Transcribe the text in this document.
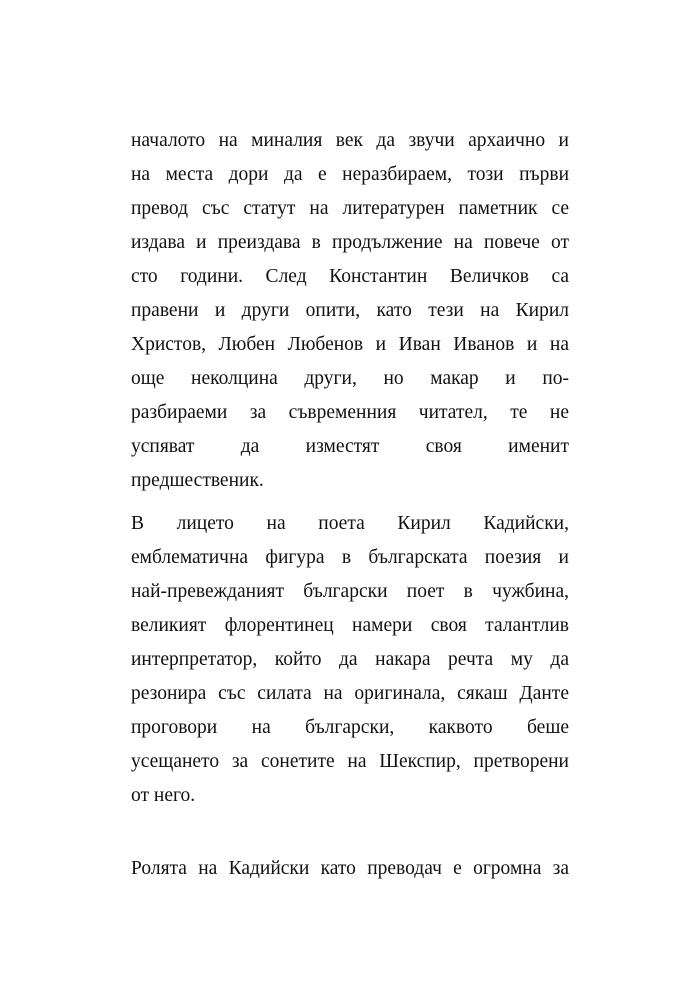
началото на миналия век да звучи архаично и
на места дори да е неразбираем, този първи
превод със статут на литературен паметник се
издава и преиздава в продължение на повече от
сто години. След Константин Величков са
правени и други опити, като тези на Кирил
Христов, Любен Любенов и Иван Иванов и на
още неколцина други, но макар и по-
разбираеми за съвременния читател, те не
успяват да изместят своя именит
предшественик.
В лицето на поета Кирил Кадийски,
емблематична фигура в българската поезия и
най-превежданият български поет в чужбина,
великият флорентинец намери своя талантлив
интерпретатор, който да накара речта му да
резонира със силата на оригинала, сякаш Данте
проговори на български, каквото беше
усещането за сонетите на Шекспир, претворени
от него.
Ролята на Кадийски като преводач е огромна за
